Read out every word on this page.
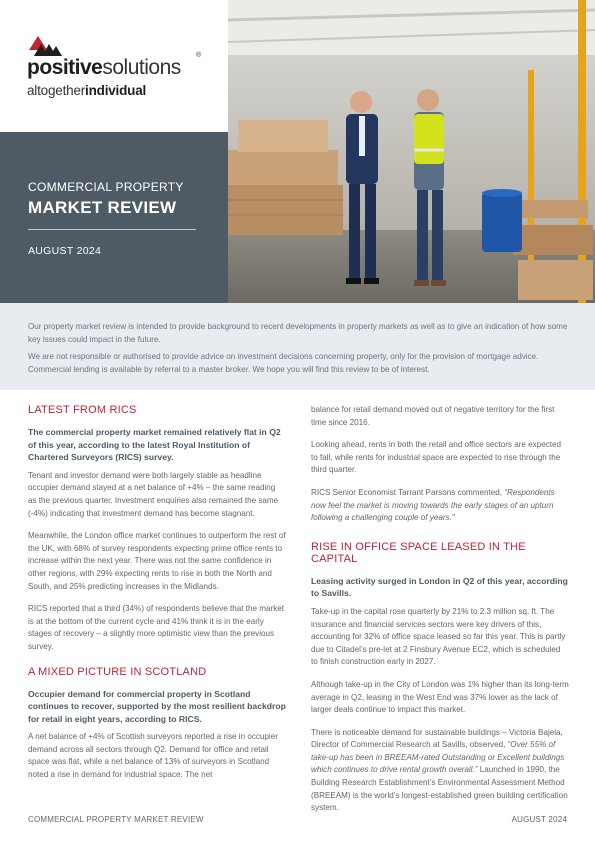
positivesolutions
®
altogetherindividual
COMMERCIAL PROPERTY
MARKET REVIEW
AUGUST 2024

Our property market review is intended to provide background to recent developments in property markets as well as to give an indication of how some key issues could impact in the future.

We are not responsible or authorised to provide advice on investment decisions concerning property, only for the provision of mortgage advice. Commercial lending is available by referral to a master broker. We hope you will find this review to be of interest.

LATEST FROM RICS

The commercial property market remained relatively flat in Q2 of this year, according to the latest Royal Institution of Chartered Surveyors (RICS) survey.

Tenant and investor demand were both largely stable as headline occupier demand stayed at a net balance of +4% – the same reading as the previous quarter. Investment enquiries also remained the same (-4%) indicating that investment demand has become stagnant.

Meanwhile, the London office market continues to outperform the rest of the UK, with 68% of survey respondents expecting prime office rents to increase within the next year. There was not the same confidence in other regions, with 29% expecting rents to rise in both the North and South, and 25% predicting increases in the Midlands.

RICS reported that a third (34%) of respondents believe that the market is at the bottom of the current cycle and 41% think it is in the early stages of recovery – a slightly more optimistic view than the previous survey.

A MIXED PICTURE IN SCOTLAND

Occupier demand for commercial property in Scotland continues to recover, supported by the most resilient backdrop for retail in eight years, according to RICS.

A net balance of +4% of Scottish surveyors reported a rise in occupier demand across all sectors through Q2. Demand for office and retail space was flat, while a net balance of 13% of surveyors in Scotland noted a rise in demand for industrial space. The net

balance for retail demand moved out of negative territory for the first time since 2016.

Looking ahead, rents in both the retail and office sectors are expected to fall, while rents for industrial space are expected to rise through the third quarter.

RICS Senior Economist Tarrant Parsons commented, “Respondents now feel the market is moving towards the early stages of an upturn following a challenging couple of years.”

RISE IN OFFICE SPACE LEASED IN THE CAPITAL

Leasing activity surged in London in Q2 of this year, according to Savills.

Take-up in the capital rose quarterly by 21% to 2.3 million sq. ft. The insurance and financial services sectors were key drivers of this, accounting for 32% of office space leased so far this year. This is partly due to Citadel’s pre-let at 2 Finsbury Avenue EC2, which is scheduled to finish construction early in 2027.

Although take-up in the City of London was 1% higher than its long-term average in Q2, leasing in the West End was 37% lower as the lack of larger deals continue to impact this market.

There is noticeable demand for sustainable buildings – Victoria Bajela, Director of Commercial Research at Savills, observed, “Over 55% of take-up has been in BREEAM-rated Outstanding or Excellent buildings which continues to drive rental growth overall.” Launched in 1990, the Building Research Establishment’s Environmental Assessment Method (BREEAM) is the world’s longest-established green building certification system.

COMMERCIAL PROPERTY MARKET REVIEW	AUGUST 2024
